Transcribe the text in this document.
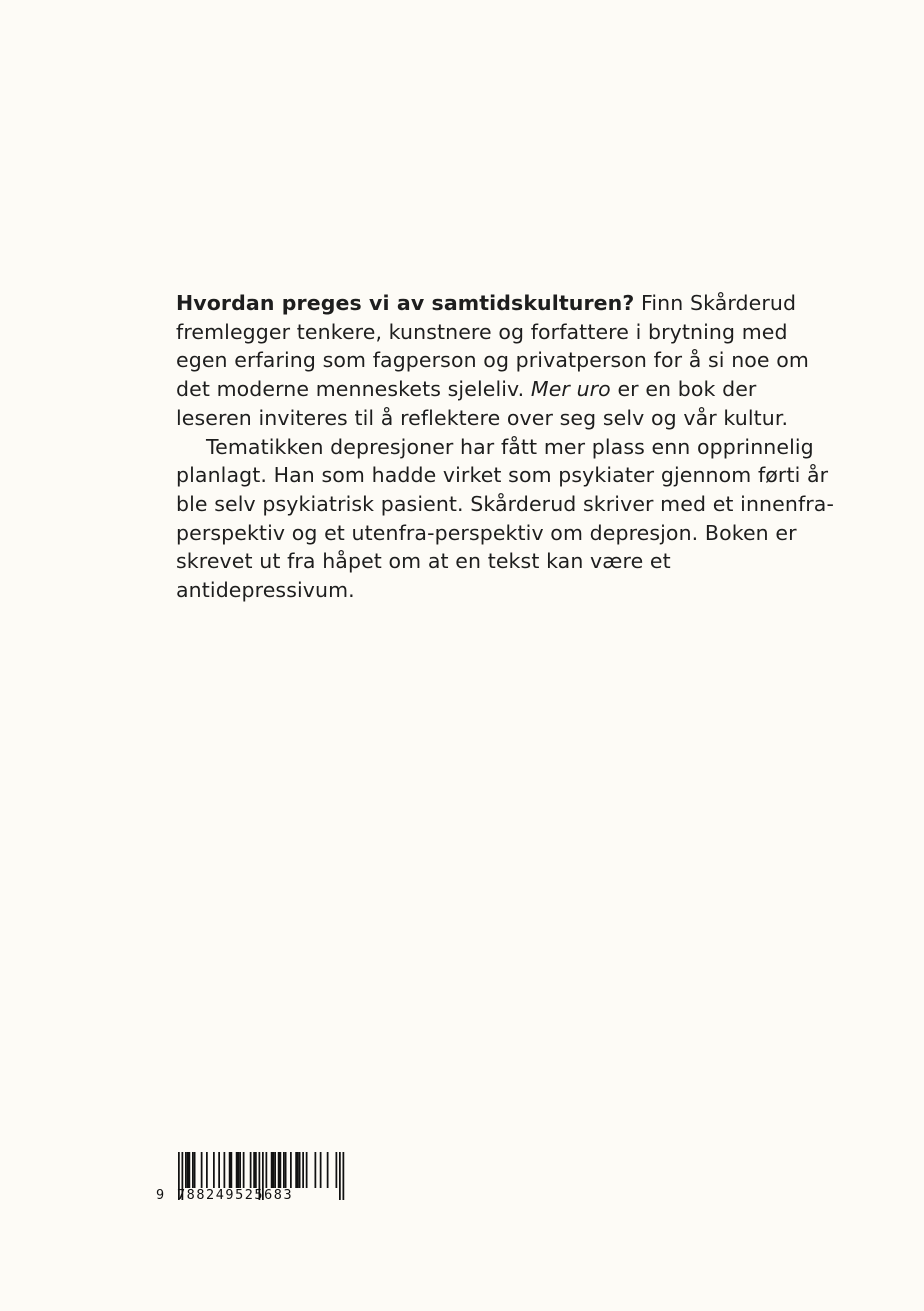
Hvordan preges vi av samtidskulturen? Finn Skårderud fremlegger tenkere, kunstnere og forfattere i brytning med egen erfaring som fagperson og privatperson for å si noe om det moderne menneskets sjeleliv. Mer uro er en bok der leseren inviteres til å reflektere over seg selv og vår kultur.

Tematikken depresjoner har fått mer plass enn opprinnelig planlagt. Han som hadde virket som psykiater gjennom førti år ble selv psykiatrisk pasient. Skårderud skriver med et innenfra-perspektiv og et utenfra-perspektiv om depresjon. Boken er skrevet ut fra håpet om at en tekst kan være et antidepressivum.

9 788249525683
